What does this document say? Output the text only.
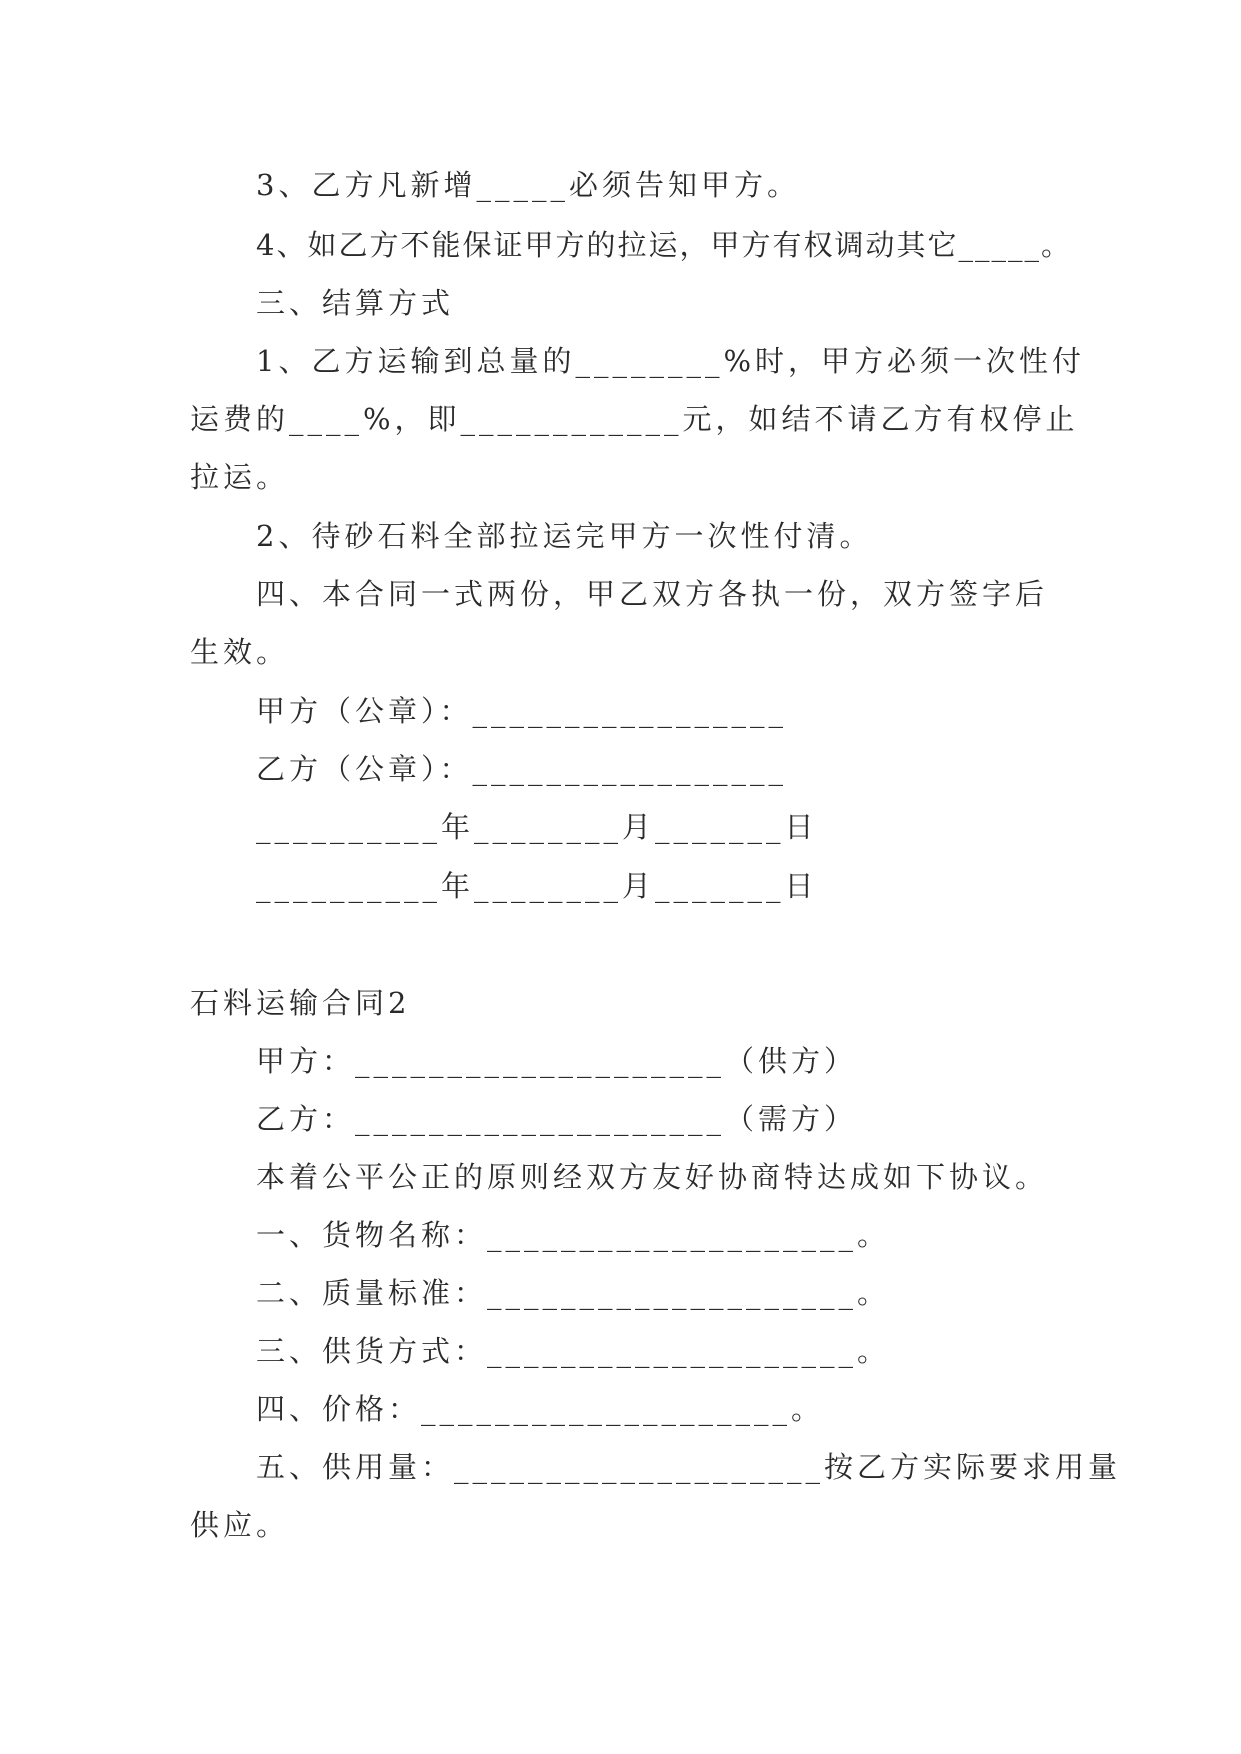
3、乙方凡新增_____必须告知甲方。
4、如乙方不能保证甲方的拉运，甲方有权调动其它_____。
三、结算方式
1、乙方运输到总量的________%时，甲方必须一次性付
运费的____%，即____________元，如结不请乙方有权停止
拉运。
2、待砂石料全部拉运完甲方一次性付清。
四、本合同一式两份，甲乙双方各执一份，双方签字后
生效。
甲方（公章）：_________________
乙方（公章）：_________________
__________年________月_______日
__________年________月_______日
石料运输合同2
甲方：____________________（供方）
乙方：____________________（需方）
本着公平公正的原则经双方友好协商特达成如下协议。
一、货物名称：____________________。
二、质量标准：____________________。
三、供货方式：____________________。
四、价格：____________________。
五、供用量：____________________按乙方实际要求用量
供应。
